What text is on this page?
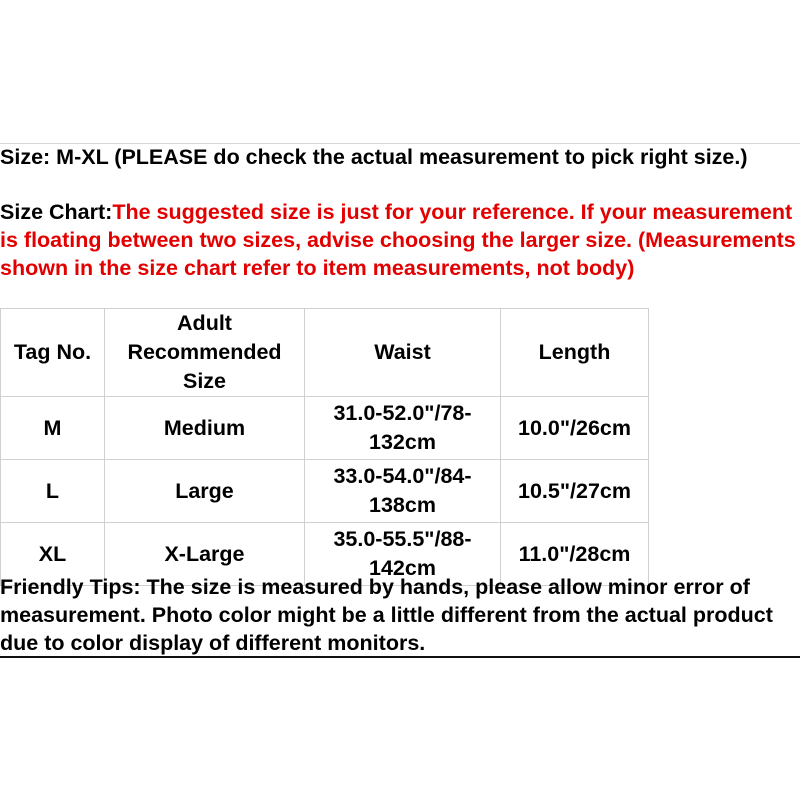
Size: M-XL (PLEASE do check the actual measurement to pick right size.)
Size Chart:The suggested size is just for your reference. If your measurement is floating between two sizes, advise choosing the larger size. (Measurements shown in the size chart refer to item measurements, not body)
Tag No.	Adult Recommended Size	Waist	Length
M	Medium	31.0-52.0"/78-132cm	10.0"/26cm
L	Large	33.0-54.0"/84-138cm	10.5"/27cm
XL	X-Large	35.0-55.5"/88-142cm	11.0"/28cm
Friendly Tips: The size is measured by hands, please allow minor error of measurement. Photo color might be a little different from the actual product due to color display of different monitors.
